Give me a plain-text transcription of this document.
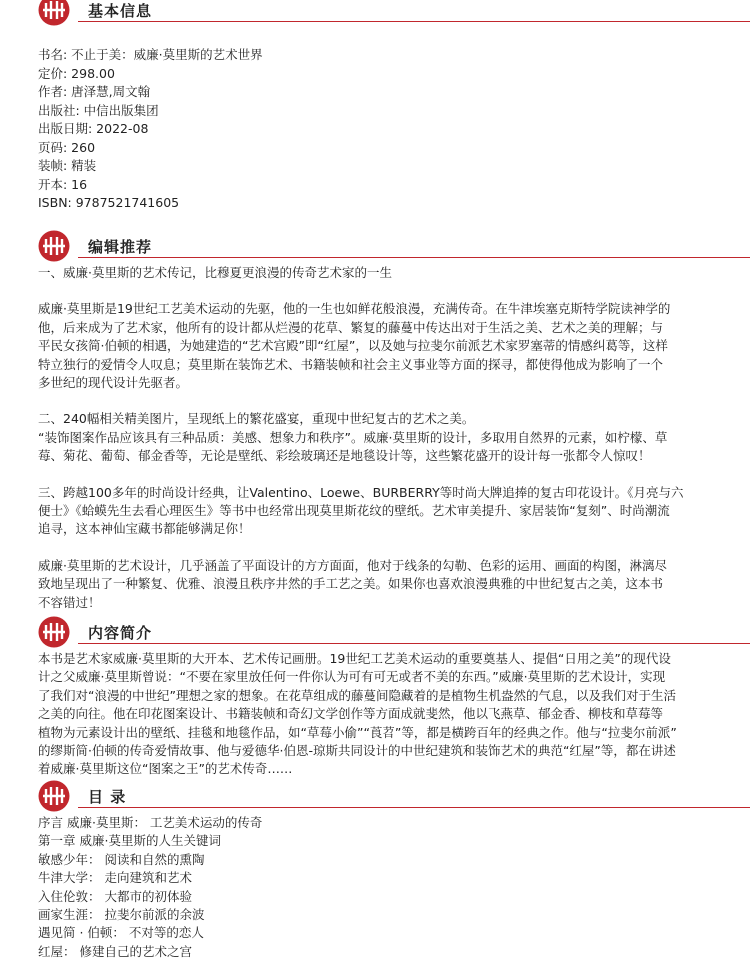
基本信息

书名: 不止于美：威廉·莫里斯的艺术世界

定价: 298.00

作者: 唐泽慧,周文翰

出版社: 中信出版集团

出版日期: 2022-08

页码: 260

装帧: 精装

开本: 16

ISBN: 9787521741605

编辑推荐

一、威廉·莫里斯的艺术传记，比穆夏更浪漫的传奇艺术家的一生

威廉·莫里斯是19世纪工艺美术运动的先驱，他的一生也如鲜花般浪漫，充满传奇。在牛津埃塞克斯特学院读神学的

他，后来成为了艺术家，他所有的设计都从烂漫的花草、繁复的藤蔓中传达出对于生活之美、艺术之美的理解；与

平民女孩简·伯顿的相遇，为她建造的“艺术宫殿”即“红屋”，以及她与拉斐尔前派艺术家罗塞蒂的情感纠葛等，这样

特立独行的爱情令人叹息；莫里斯在装饰艺术、书籍装帧和社会主义事业等方面的探寻，都使得他成为影响了一个

多世纪的现代设计先驱者。

二、240幅相关精美图片，呈现纸上的繁花盛宴，重现中世纪复古的艺术之美。

“装饰图案作品应该具有三种品质：美感、想象力和秩序”。威廉·莫里斯的设计，多取用自然界的元素，如柠檬、草

莓、菊花、葡萄、郁金香等，无论是壁纸、彩绘玻璃还是地毯设计等，这些繁花盛开的设计每一张都令人惊叹！

三、跨越100多年的时尚设计经典，让Valentino、Loewe、BURBERRY等时尚大牌追捧的复古印花设计。《月亮与六

便士》《蛤蟆先生去看心理医生》等书中也经常出现莫里斯花纹的壁纸。艺术审美提升、家居装饰“复刻”、时尚潮流

追寻，这本神仙宝藏书都能够满足你！

威廉·莫里斯的艺术设计，几乎涵盖了平面设计的方方面面，他对于线条的勾勒、色彩的运用、画面的构图，淋漓尽

致地呈现出了一种繁复、优雅、浪漫且秩序井然的手工艺之美。如果你也喜欢浪漫典雅的中世纪复古之美，这本书

不容错过！

内容简介

本书是艺术家威廉·莫里斯的大开本、艺术传记画册。19世纪工艺美术运动的重要奠基人、提倡“日用之美”的现代设

计之父威廉·莫里斯曾说：“不要在家里放任何一件你认为可有可无或者不美的东西。”威廉·莫里斯的艺术设计，实现

了我们对“浪漫的中世纪”理想之家的想象。在花草组成的藤蔓间隐藏着的是植物生机盎然的气息，以及我们对于生活

之美的向往。他在印花图案设计、书籍装帧和奇幻文学创作等方面成就斐然，他以飞燕草、郁金香、柳枝和草莓等

植物为元素设计出的壁纸、挂毯和地毯作品，如“草莓小偷”“莨苕”等，都是横跨百年的经典之作。他与“拉斐尔前派”

的缪斯简·伯顿的传奇爱情故事、他与爱德华·伯恩-琼斯共同设计的中世纪建筑和装饰艺术的典范“红屋”等，都在讲述

着威廉·莫里斯这位“图案之王”的艺术传奇……

目 录

序言 威廉·莫里斯： 工艺美术运动的传奇

第一章 威廉·莫里斯的人生关键词

敏感少年： 阅读和自然的熏陶

牛津大学： 走向建筑和艺术

入住伦敦： 大都市的初体验

画家生涯： 拉斐尔前派的余波

遇见简 · 伯顿： 不对等的恋人

红屋： 修建自己的艺术之宫
